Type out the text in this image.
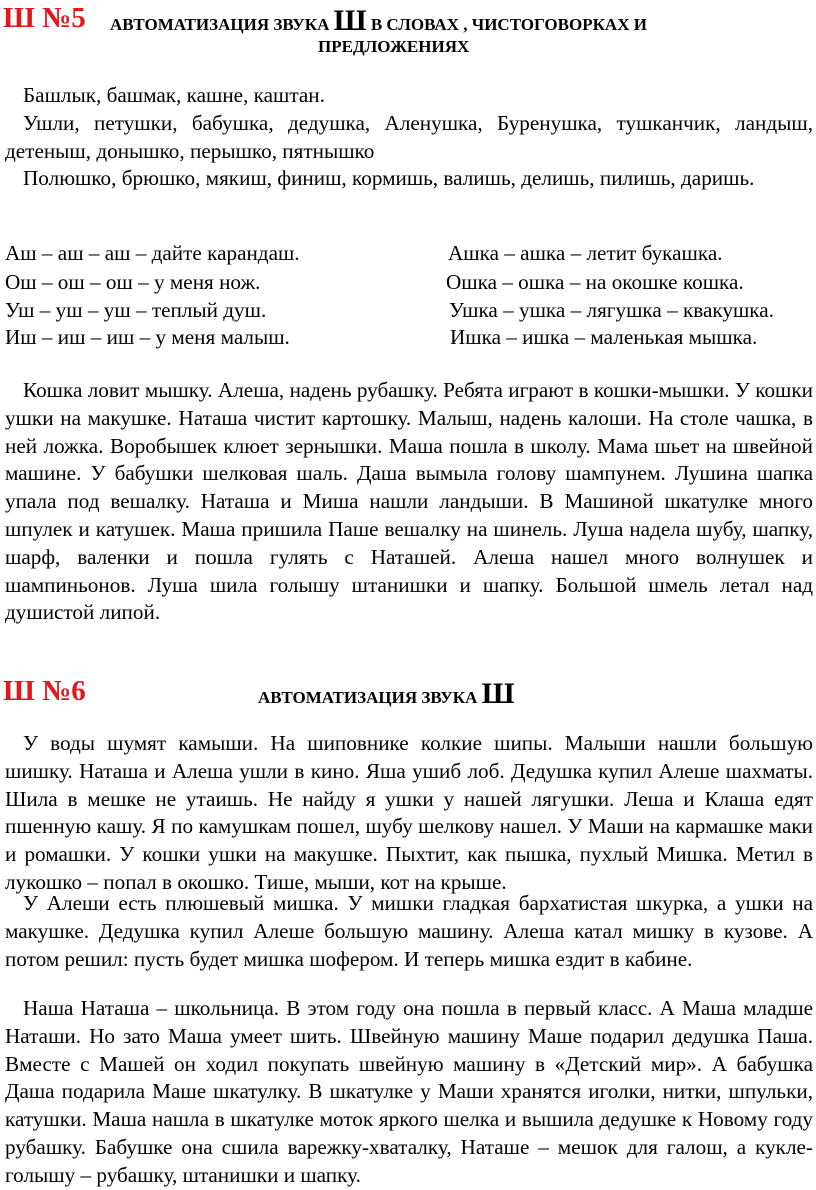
Ш №5 АВТОМАТИЗАЦИЯ ЗВУКА Ш В СЛОВАХ , ЧИСТОГОВОРКАХ И
ПРЕДЛОЖЕНИЯХ
Башлык, башмак, кашне, каштан.
Ушли, петушки, бабушка, дедушка, Аленушка, Буренушка, тушканчик, ландыш, детеныш, донышко, перышко, пятнышко
Полюшко, брюшко, мякиш, финиш, кормишь, валишь, делишь, пилишь, даришь.
Аш – аш – аш – дайте карандаш.	Ашка – ашка – летит букашка.
Ош – ош – ош – у меня нож.	Ошка – ошка – на окошке кошка.
Уш – уш – уш – теплый душ.	Ушка – ушка – лягушка – квакушка.
Иш – иш – иш – у меня малыш.	Ишка – ишка – маленькая мышка.
Кошка ловит мышку. Алеша, надень рубашку. Ребята играют в кошки-мышки. У кошки ушки на макушке. Наташа чистит картошку. Малыш, надень калоши. На столе чашка, в ней ложка. Воробышек клюет зернышки. Маша пошла в школу. Мама шьет на швейной машине. У бабушки шелковая шаль. Даша вымыла голову шампунем. Лушина шапка упала под вешалку. Наташа и Миша нашли ландыши. В Машиной шкатулке много шпулек и катушек. Маша пришила Паше вешалку на шинель. Луша надела шубу, шапку, шарф, валенки и пошла гулять с Наташей. Алеша нашел много волнушек и шампиньонов. Луша шила голышу штанишки и шапку. Большой шмель летал над душистой липой.
Ш №6	АВТОМАТИЗАЦИЯ ЗВУКА Ш
У воды шумят камыши. На шиповнике колкие шипы. Малыши нашли большую шишку. Наташа и Алеша ушли в кино. Яша ушиб лоб. Дедушка купил Алеше шахматы. Шила в мешке не утаишь. Не найду я ушки у нашей лягушки. Леша и Клаша едят пшенную кашу. Я по камушкам пошел, шубу шелкову нашел. У Маши на кармашке маки и ромашки. У кошки ушки на макушке. Пыхтит, как пышка, пухлый Мишка. Метил в лукошко – попал в окошко. Тише, мыши, кот на крыше.
У Алеши есть плюшевый мишка. У мишки гладкая бархатистая шкурка, а ушки на макушке. Дедушка купил Алеше большую машину. Алеша катал мишку в кузове. А потом решил: пусть будет мишка шофером. И теперь мишка ездит в кабине.
Наша Наташа – школьница. В этом году она пошла в первый класс. А Маша младше Наташи. Но зато Маша умеет шить. Швейную машину Маше подарил дедушка Паша. Вместе с Машей он ходил покупать швейную машину в «Детский мир». А бабушка Даша подарила Маше шкатулку. В шкатулке у Маши хранятся иголки, нитки, шпульки, катушки. Маша нашла в шкатулке моток яркого шелка и вышила дедушке к Новому году рубашку. Бабушке она сшила варежку-хваталку, Наташе – мешок для галош, а кукле-голышу – рубашку, штанишки и шапку.
